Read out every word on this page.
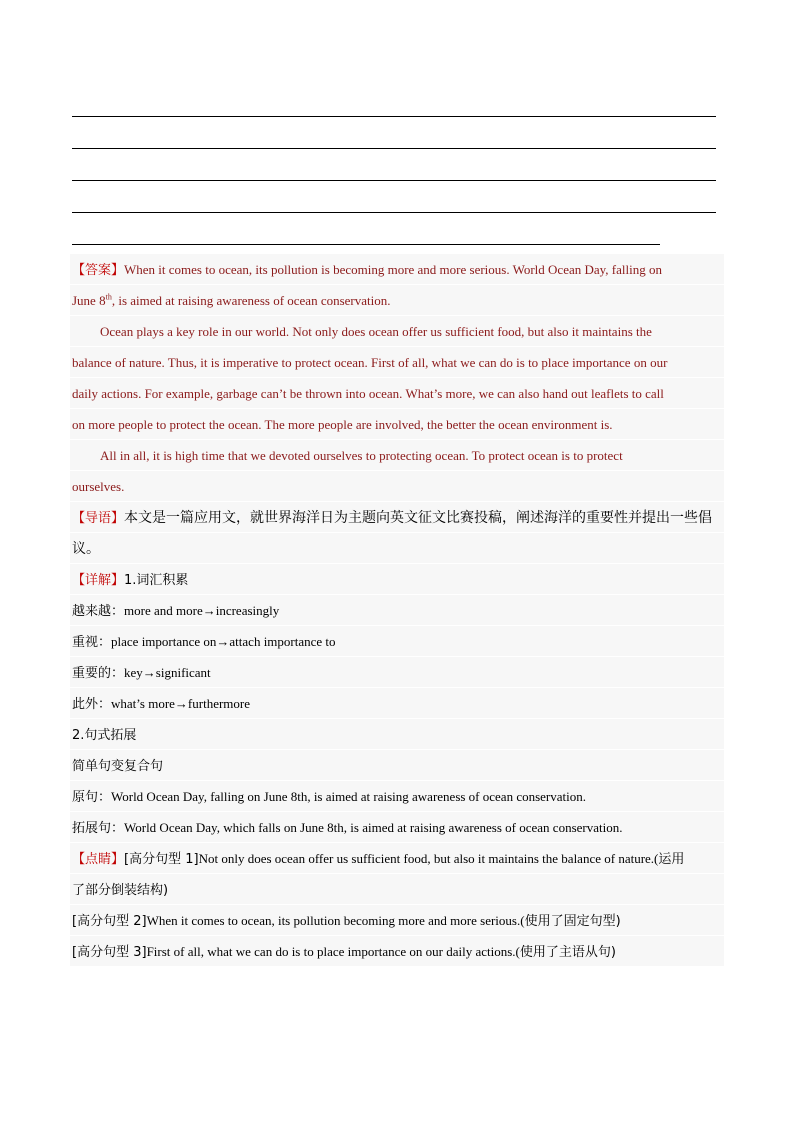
【答案】When it comes to ocean, its pollution is becoming more and more serious. World Ocean Day, falling on
June 8th, is aimed at raising awareness of ocean conservation.
Ocean plays a key role in our world. Not only does ocean offer us sufficient food, but also it maintains the
balance of nature. Thus, it is imperative to protect ocean. First of all, what we can do is to place importance on our
daily actions. For example, garbage can’t be thrown into ocean. What’s more, we can also hand out leaflets to call
on more people to protect the ocean. The more people are involved, the better the ocean environment is.
All in all, it is high time that we devoted ourselves to protecting ocean. To protect ocean is to protect
ourselves.
【导语】本文是一篇应用文，就世界海洋日为主题向英文征文比赛投稿，阐述海洋的重要性并提出一些倡
议。
【详解】1.词汇积累
越来越：more and more→increasingly
重视：place importance on→attach importance to
重要的：key→significant
此外：what’s more→furthermore
2.句式拓展
简单句变复合句
原句：World Ocean Day, falling on June 8th, is aimed at raising awareness of ocean conservation.
拓展句：World Ocean Day, which falls on June 8th, is aimed at raising awareness of ocean conservation.
【点睛】[高分句型 1]Not only does ocean offer us sufficient food, but also it maintains the balance of nature.(运用
了部分倒装结构)
[高分句型 2]When it comes to ocean, its pollution becoming more and more serious.(使用了固定句型)
[高分句型 3]First of all, what we can do is to place importance on our daily actions.(使用了主语从句)
